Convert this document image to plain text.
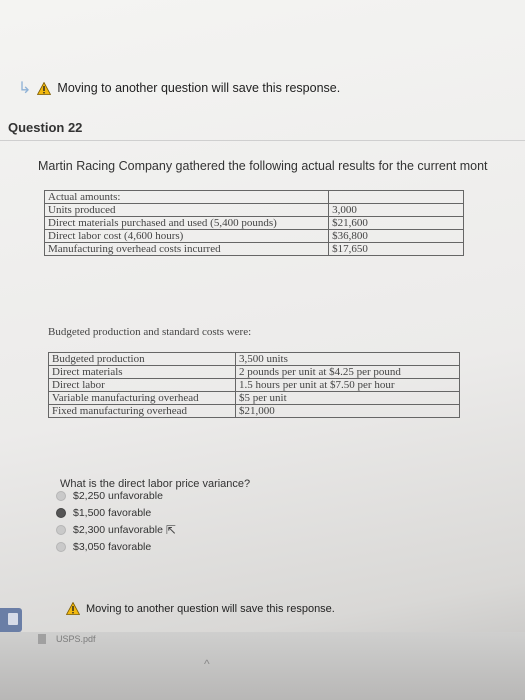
↳ Moving to another question will save this response.
Question 22
Martin Racing Company gathered the following actual results for the current mont
Actual amounts:	
Units produced	3,000
Direct materials purchased and used (5,400 pounds)	$21,600
Direct labor cost (4,600 hours)	$36,800
Manufacturing overhead costs incurred	$17,650
Budgeted production and standard costs were:
Budgeted production	3,500 units
Direct materials	2 pounds per unit at $4.25 per pound
Direct labor	1.5 hours per unit at $7.50 per hour
Variable manufacturing overhead	$5 per unit
Fixed manufacturing overhead	$21,000
What is the direct labor price variance?
$2,250 unfavorable
$1,500 favorable
$2,300 unfavorable ⇱
$3,050 favorable
Moving to another question will save this response.
USPS.pdf
^
